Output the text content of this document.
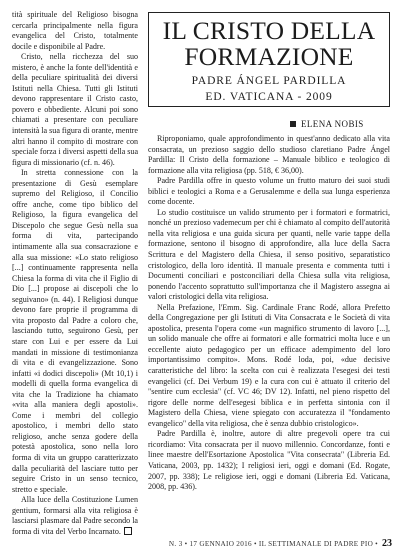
tità spirituale del Religioso bisogna cercarla principalmente nella figura evangelica del Cristo, totalmente docile e disponibile al Padre.

Cristo, nella ricchezza del suo mistero, è anche la fonte dell'identità e della peculiare spiritualità dei diversi Istituti nella Chiesa. Tutti gli Istituti devono rappresentare il Cristo casto, povero e obbediente. Alcuni poi sono chiamati a presentare con peculiare intensità la sua figura di orante, mentre altri hanno il compito di mostrare con speciale forza i diversi aspetti della sua figura di missionario (cf. n. 46).

In stretta connessione con la presentazione di Gesù esemplare supremo del Religioso, il Concilio offre anche, come tipo biblico del Religioso, la figura evangelica del Discepolo che segue Gesù nella sua forma di vita, partecipando intimamente alla sua consacrazione e alla sua missione: «Lo stato religioso [...] continuamente rappresenta nella Chiesa la forma di vita che il Figlio di Dio [...] propose ai discepoli che lo seguivano» (n. 44). I Religiosi dunque devono fare proprie il programma di vita proposto dal Padre a coloro che, lasciando tutto, seguirono Gesù, per stare con Lui e per essere da Lui mandati in missione di testimonianza di vita e di evangelizzazione. Sono infatti «i dodici discepoli» (Mt 10,1) i modelli di quella forma evangelica di vita che la Tradizione ha chiamato «vita alla maniera degli apostoli». Come i membri del collegio apostolico, i membri dello stato religioso, anche senza godere della potestà apostolica, sono nella loro forma di vita un gruppo caratterizzato dalla peculiarità del lasciare tutto per seguire Cristo in un senso tecnico, stretto e speciale.

Alla luce della Costituzione Lumen gentium, formarsi alla vita religiosa è lasciarsi plasmare dal Padre secondo la forma di vita del Verbo Incarnato.

IL CRISTO DELLA
FORMAZIONE
PADRE ÁNGEL PARDILLA
ED. VATICANA - 2009
ELENA NOBIS

Riproponiamo, quale approfondimento in quest'anno dedicato alla vita consacrata, un prezioso saggio dello studioso claretiano Padre Ángel Pardilla: Il Cristo della formazione – Manuale biblico e teologico di formazione alla vita religiosa (pp. 518, € 36,00).

Padre Pardilla offre in questo volume un frutto maturo dei suoi studi biblici e teologici a Roma e a Gerusalemme e della sua lunga esperienza come docente.

Lo studio costituisce un valido strumento per i formatori e formatrici, nonché un prezioso vademecum per chi è chiamato al compito dell'autorità nella vita religiosa e una guida sicura per quanti, nelle varie tappe della formazione, sentono il bisogno di approfondire, alla luce della Sacra Scrittura e del Magistero della Chiesa, il senso positivo, separatistico cristologico, della loro identità. Il manuale presenta e commenta tutti i Documenti conciliari e postconciliari della Chiesa sulla vita religiosa, ponendo l'accento soprattutto sull'importanza che il Magistero assegna ai valori cristologici della vita religiosa.

Nella Prefazione, l'Emm. Sig. Cardinale Franc Rodé, allora Prefetto della Congregazione per gli Istituti di Vita Consacrata e le Società di vita apostolica, presenta l'opera come «un magnifico strumento di lavoro [...], un solido manuale che offre ai formatori e alle formatrici molta luce e un eccellente aiuto pedagogico per un efficace adempimento del loro importantissimo compito». Mons. Rodé loda, poi, «due decisive caratteristiche del libro: la scelta con cui è realizzata l'esegesi dei testi evangelici (cf. Dei Verbum 19) e la cura con cui è attuato il criterio del "sentire cum ecclesia" (cf. VC 46; DV 12). Infatti, nel pieno rispetto del rigore delle norme dell'esegesi biblica e in perfetta sintonia con il Magistero della Chiesa, viene spiegato con accuratezza il "fondamento evangelico" della vita religiosa, che è senza dubbio cristologico».

Padre Pardilla è, inoltre, autore di altre pregevoli opere tra cui ricordiamo: Vita consacrata per il nuovo millennio. Concordanze, fonti e linee maestre dell'Esortazione Apostolica "Vita consecrata" (Libreria Ed. Vaticana, 2003, pp. 1432); I religiosi ieri, oggi e domani (Ed. Rogate, 2007, pp. 338); Le religiose ieri, oggi e domani (Libreria Ed. Vaticana, 2008, pp. 436).

N. 3 • 17 GENNAIO 2016 • IL SETTIMANALE DI PADRE PIO • 23
